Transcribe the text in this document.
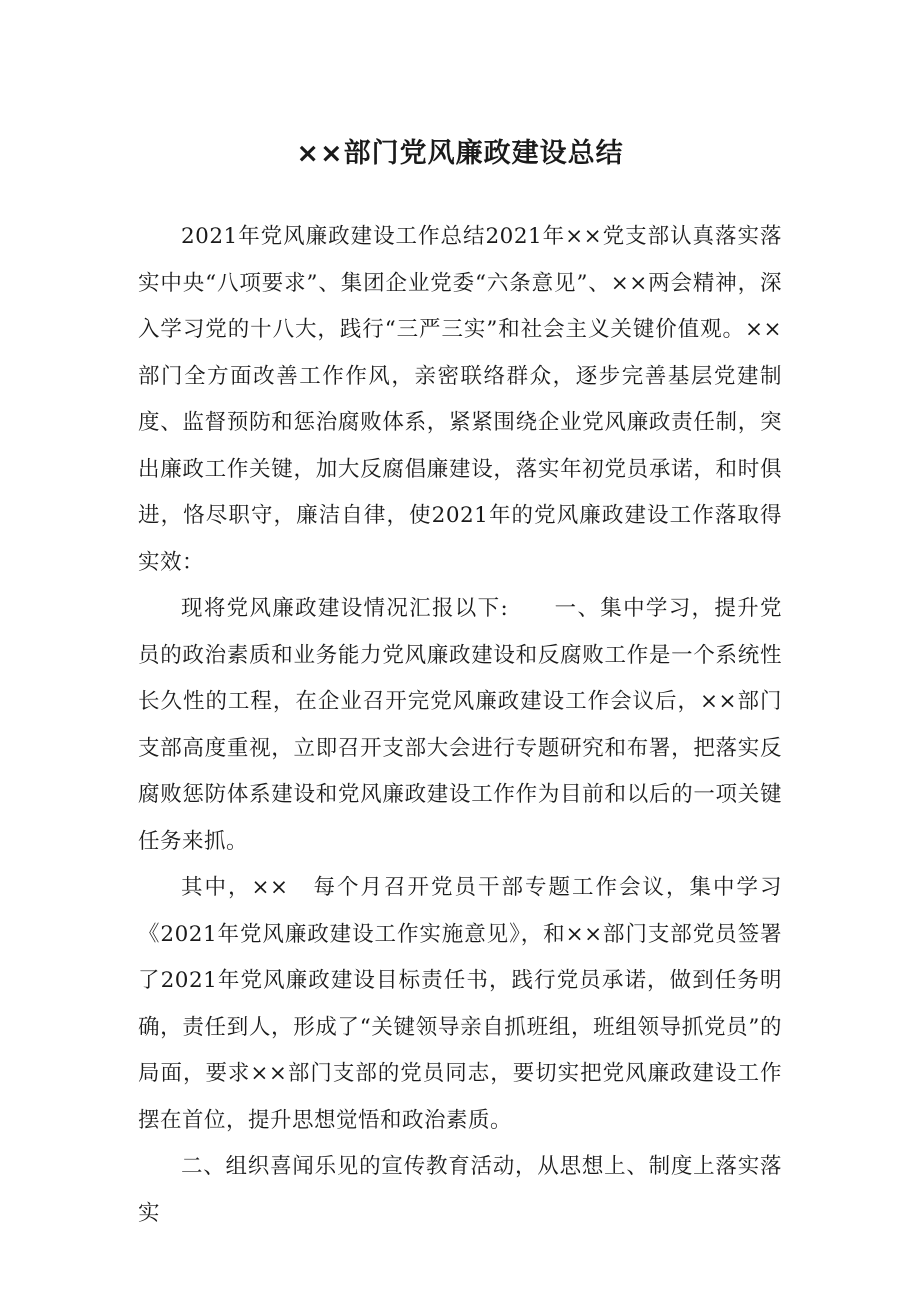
××部门党风廉政建设总结

2021年党风廉政建设工作总结2021年××党支部认真落实落实中央“八项要求”、集团企业党委“六条意见”、××两会精神，深入学习党的十八大，践行“三严三实”和社会主义关键价值观。××部门全方面改善工作作风，亲密联络群众，逐步完善基层党建制度、监督预防和惩治腐败体系，紧紧围绕企业党风廉政责任制，突出廉政工作关键，加大反腐倡廉建设，落实年初党员承诺，和时俱进，恪尽职守，廉洁自律，使2021年的党风廉政建设工作落取得实效：

现将党风廉政建设情况汇报以下:　　一、集中学习，提升党员的政治素质和业务能力党风廉政建设和反腐败工作是一个系统性长久性的工程，在企业召开完党风廉政建设工作会议后，××部门支部高度重视，立即召开支部大会进行专题研究和布署，把落实反腐败惩防体系建设和党风廉政建设工作作为目前和以后的一项关键任务来抓。

其中，××　每个月召开党员干部专题工作会议，集中学习《2021年党风廉政建设工作实施意见》，和××部门支部党员签署了2021年党风廉政建设目标责任书，践行党员承诺，做到任务明确，责任到人，形成了“关键领导亲自抓班组，班组领导抓党员”的局面，要求××部门支部的党员同志，要切实把党风廉政建设工作摆在首位，提升思想觉悟和政治素质。

二、组织喜闻乐见的宣传教育活动，从思想上、制度上落实落实
